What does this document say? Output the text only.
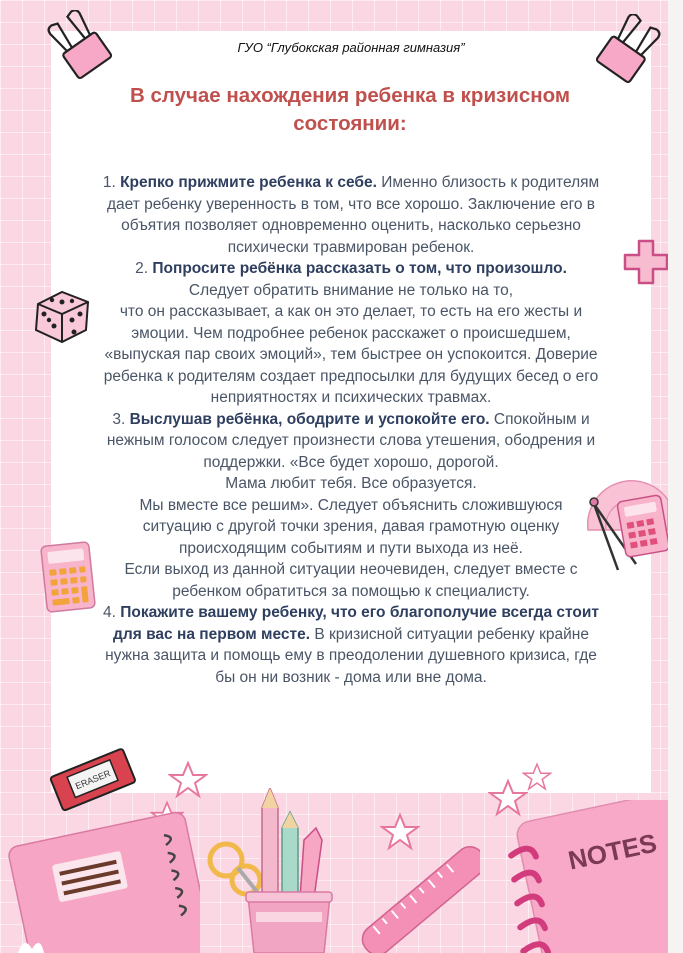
ERASER
NOTES
ГУО “Глубокская районная гимназия”
В случае нахождения ребенка в кризисном
состоянии:
1. Крепко прижмите ребенка к себе. Именно близость к родителям
дает ребенку уверенность в том, что все хорошо. Заключение его в
объятия позволяет одновременно оценить, насколько серьезно
психически травмирован ребенок.
2. Попросите ребёнка рассказать о том, что произошло.
Следует обратить внимание не только на то,
что он рассказывает, а как он это делает, то есть на его жесты и
эмоции. Чем подробнее ребенок расскажет о происшедшем,
«выпуская пар своих эмоций», тем быстрее он успокоится. Доверие
ребенка к родителям создает предпосылки для будущих бесед о его
неприятностях и психических травмах.
3. Выслушав ребёнка, ободрите и успокойте его. Спокойным и
нежным голосом следует произнести слова утешения, ободрения и
поддержки. «Все будет хорошо, дорогой.
Мама любит тебя. Все образуется.
Мы вместе все решим». Следует объяснить сложившуюся
ситуацию с другой точки зрения, давая грамотную оценку
происходящим событиям и пути выхода из неё.
Если выход из данной ситуации неочевиден, следует вместе с
ребенком обратиться за помощью к специалисту.
4. Покажите вашему ребенку, что его благополучие всегда стоит
для вас на первом месте. В кризисной ситуации ребенку крайне
нужна защита и помощь ему в преодолении душевного кризиса, где
бы он ни возник - дома или вне дома.
